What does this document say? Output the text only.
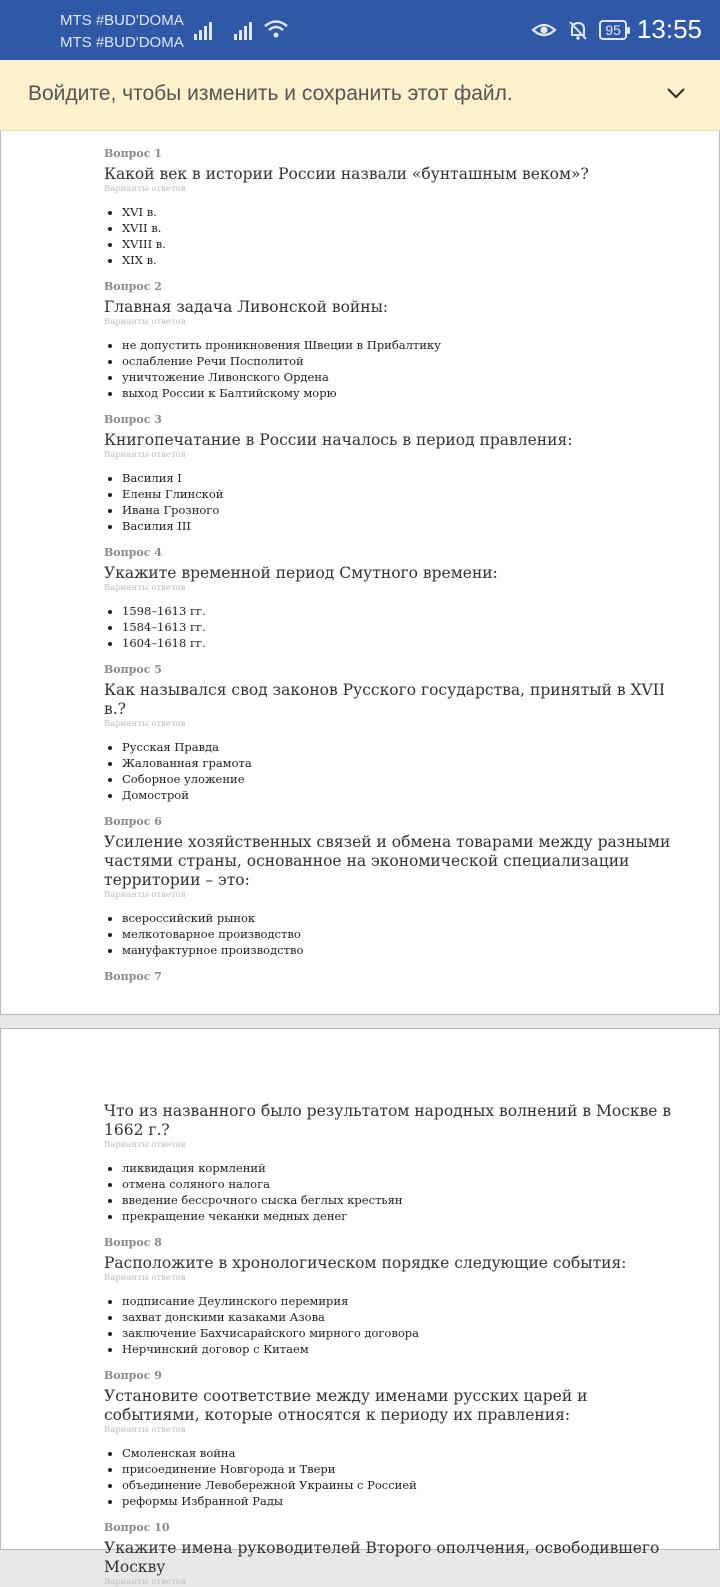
MTS #BUD'DOMA
MTS #BUD'DOMA
95 13:55
Войдите, чтобы изменить и сохранить этот файл.
Вопрос 1
Какой век в истории России назвали «бунташным веком»?
Варианты ответов
• XVI в.
• XVII в.
• XVIII в.
• XIX в.
Вопрос 2
Главная задача Ливонской войны:
Варианты ответов
• не допустить проникновения Швеции в Прибалтику
• ослабление Речи Посполитой
• уничтожение Ливонского Ордена
• выход России к Балтийскому морю
Вопрос 3
Книгопечатание в России началось в период правления:
Варианты ответов
• Василия I
• Елены Глинской
• Ивана Грозного
• Василия III
Вопрос 4
Укажите временной период Смутного времени:
Варианты ответов
• 1598–1613 гг.
• 1584–1613 гг.
• 1604–1618 гг.
Вопрос 5
Как назывался свод законов Русского государства, принятый в XVII в.?
Варианты ответов
• Русская Правда
• Жалованная грамота
• Соборное уложение
• Домострой
Вопрос 6
Усиление хозяйственных связей и обмена товарами между разными частями страны, основанное на экономической специализации территории – это:
Варианты ответов
• всероссийский рынок
• мелкотоварное производство
• мануфактурное производство
Вопрос 7
Что из названного было результатом народных волнений в Москве в 1662 г.?
Варианты ответов
• ликвидация кормлений
• отмена соляного налога
• введение бессрочного сыска беглых крестьян
• прекращение чеканки медных денег
Вопрос 8
Расположите в хронологическом порядке следующие события:
Варианты ответов
• подписание Деулинского перемирия
• захват донскими казаками Азова
• заключение Бахчисарайского мирного договора
• Нерчинский договор с Китаем
Вопрос 9
Установите соответствие между именами русских царей и событиями, которые относятся к периоду их правления:
Варианты ответов
• Смоленская война
• присоединение Новгорода и Твери
• объединение Левобережной Украины с Россией
• реформы Избранной Рады
Вопрос 10
Укажите имена руководителей Второго ополчения, освободившего Москву
Варианты ответов
